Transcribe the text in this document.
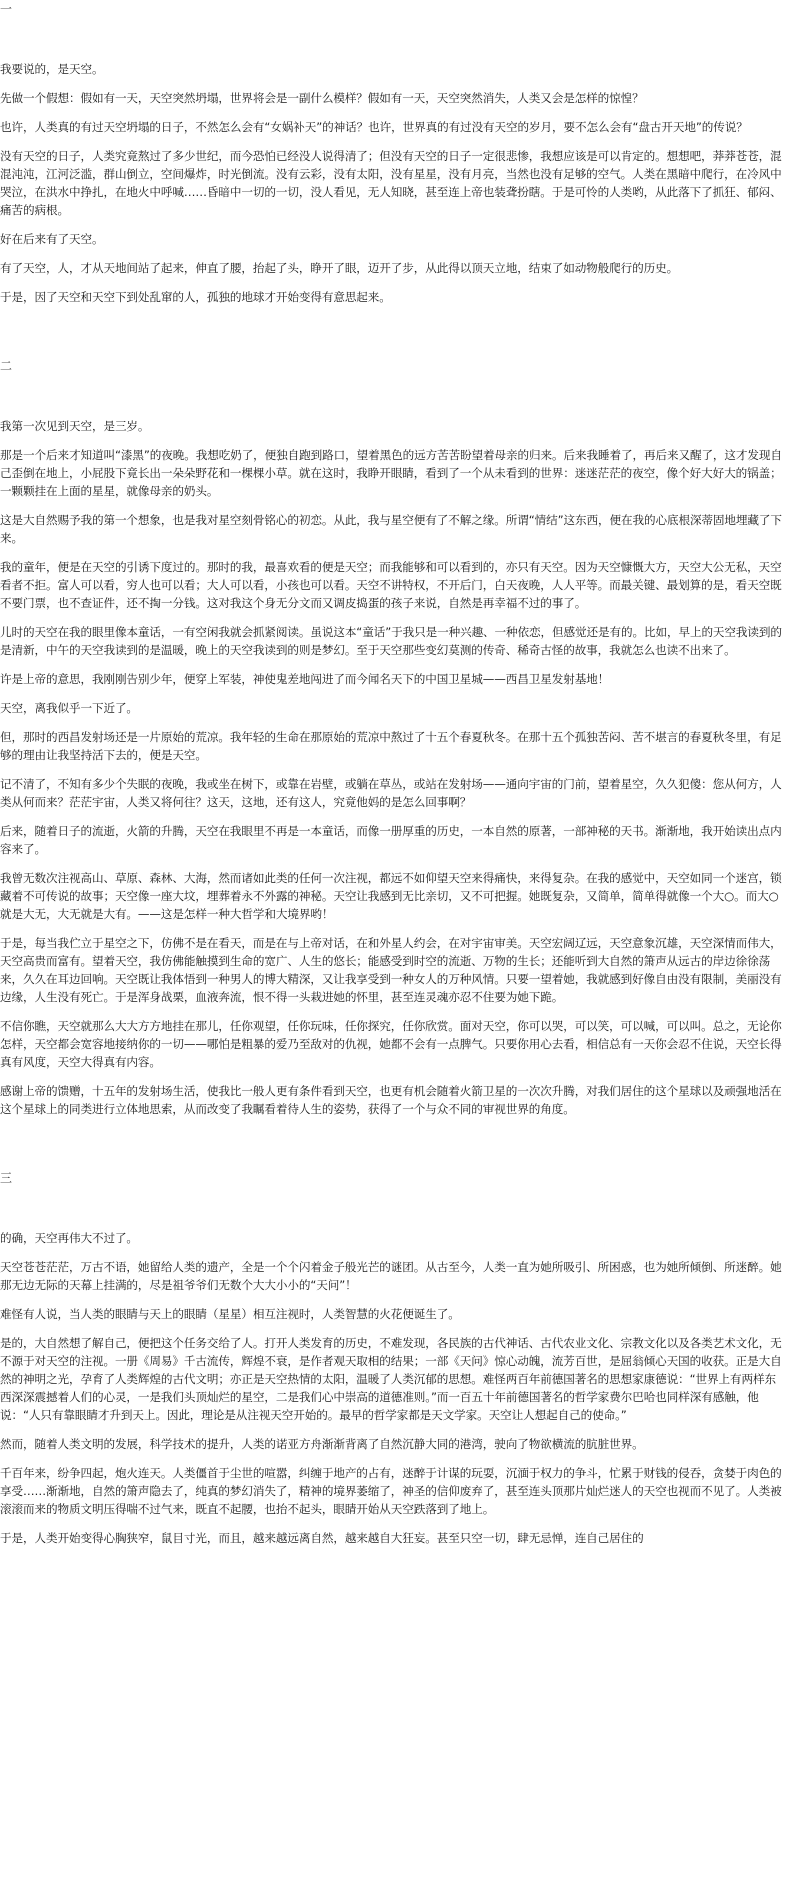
一

我要说的，是天空。

先做一个假想：假如有一天，天空突然坍塌，世界将会是一副什么模样？假如有一天，天空突然消失，人类又会是怎样的惊惶？

也许，人类真的有过天空坍塌的日子，不然怎么会有“女娲补天”的神话？也许，世界真的有过没有天空的岁月，要不怎么会有“盘古开天地”的传说？

没有天空的日子，人类究竟熬过了多少世纪，而今恐怕已经没人说得清了；但没有天空的日子一定很悲惨，我想应该是可以肯定的。想想吧，莽莽苍苍，混混沌沌，江河泛滥，群山倒立，空间爆炸，时光倒流。没有云彩，没有太阳，没有星星，没有月亮，当然也没有足够的空气。人类在黑暗中爬行，在冷风中哭泣，在洪水中挣扎，在地火中呼喊……昏暗中一切的一切，没人看见，无人知晓，甚至连上帝也装聋扮瞎。于是可怜的人类哟，从此落下了抓狂、郁闷、痛苦的病根。

好在后来有了天空。

有了天空，人，才从天地间站了起来，伸直了腰，抬起了头，睁开了眼，迈开了步，从此得以顶天立地，结束了如动物般爬行的历史。

于是，因了天空和天空下到处乱窜的人，孤独的地球才开始变得有意思起来。

二

我第一次见到天空，是三岁。

那是一个后来才知道叫“漆黑”的夜晚。我想吃奶了，便独自跑到路口，望着黑色的远方苦苦盼望着母亲的归来。后来我睡着了，再后来又醒了，这才发现自己歪倒在地上，小屁股下竟长出一朵朵野花和一棵棵小草。就在这时，我睁开眼睛，看到了一个从未看到的世界：迷迷茫茫的夜空，像个好大好大的锅盖；一颗颗挂在上面的星星，就像母亲的奶头。

这是大自然赐予我的第一个想象，也是我对星空刻骨铭心的初恋。从此，我与星空便有了不解之缘。所谓“情结”这东西，便在我的心底根深蒂固地埋藏了下来。

我的童年，便是在天空的引诱下度过的。那时的我，最喜欢看的便是天空；而我能够和可以看到的，亦只有天空。因为天空慷慨大方，天空大公无私，天空看者不拒。富人可以看，穷人也可以看；大人可以看，小孩也可以看。天空不讲特权，不开后门，白天夜晚，人人平等。而最关键、最划算的是，看天空既不要门票，也不查证件，还不掏一分钱。这对我这个身无分文而又调皮捣蛋的孩子来说，自然是再幸福不过的事了。

儿时的天空在我的眼里像本童话，一有空闲我就会抓紧阅读。虽说这本“童话”于我只是一种兴趣、一种依恋，但感觉还是有的。比如，早上的天空我读到的是清新，中午的天空我读到的是温暖，晚上的天空我读到的则是梦幻。至于天空那些变幻莫测的传奇、稀奇古怪的故事，我就怎么也读不出来了。

许是上帝的意思，我刚刚告别少年，便穿上军装，神使鬼差地闯进了而今闻名天下的中国卫星城——西昌卫星发射基地！

天空，离我似乎一下近了。

但，那时的西昌发射场还是一片原始的荒凉。我年轻的生命在那原始的荒凉中熬过了十五个春夏秋冬。在那十五个孤独苦闷、苦不堪言的春夏秋冬里，有足够的理由让我坚持活下去的，便是天空。

记不清了，不知有多少个失眠的夜晚，我或坐在树下，或靠在岩壁，或躺在草丛，或站在发射场——通向宇宙的门前，望着星空，久久犯傻：您从何方，人类从何而来？茫茫宇宙，人类又将何往？这天，这地，还有这人，究竟他妈的是怎么回事啊？

后来，随着日子的流逝，火箭的升腾，天空在我眼里不再是一本童话，而像一册厚重的历史，一本自然的原著，一部神秘的天书。渐渐地，我开始读出点内容来了。

我曾无数次注视高山、草原、森林、大海，然而诸如此类的任何一次注视，都远不如仰望天空来得痛快，来得复杂。在我的感觉中，天空如同一个迷宫，锁藏着不可传说的故事；天空像一座大坟，埋葬着永不外露的神秘。天空让我感到无比亲切，又不可把握。她既复杂，又简单，简单得就像一个大○。而大○就是大无，大无就是大有。——这是怎样一种大哲学和大境界哟！

于是，每当我伫立于星空之下，仿佛不是在看天，而是在与上帝对话，在和外星人约会，在对宇宙审美。天空宏阔辽远，天空意象沉雄，天空深情而伟大，天空高贵而富有。望着天空，我仿佛能触摸到生命的宽广、人生的悠长；能感受到时空的流逝、万物的生长；还能听到大自然的箫声从远古的岸边徐徐荡来，久久在耳边回响。天空既让我体悟到一种男人的博大精深，又让我享受到一种女人的万种风情。只要一望着她，我就感到好像自由没有限制，美丽没有边缘，人生没有死亡。于是浑身战栗，血液奔流，恨不得一头栽进她的怀里，甚至连灵魂亦忍不住要为她下跪。

不信你瞧，天空就那么大大方方地挂在那儿，任你观望，任你玩味，任你探究，任你欣赏。面对天空，你可以哭，可以笑，可以喊，可以叫。总之，无论你怎样，天空都会宽容地接纳你的一切——哪怕是粗暴的爱乃至敌对的仇视，她都不会有一点脾气。只要你用心去看，相信总有一天你会忍不住说，天空长得真有风度，天空大得真有内容。

感谢上帝的馈赠，十五年的发射场生活，使我比一般人更有条件看到天空，也更有机会随着火箭卫星的一次次升腾，对我们居住的这个星球以及顽强地活在这个星球上的同类进行立体地思索，从而改变了我瞩看着待人生的姿势，获得了一个与众不同的审视世界的角度。

三

的确，天空再伟大不过了。

天空苍苍茫茫，万古不语，她留给人类的遗产，全是一个个闪着金子般光芒的谜团。从古至今，人类一直为她所吸引、所困惑，也为她所倾倒、所迷醉。她那无边无际的天幕上挂满的，尽是祖爷爷们无数个大大小小的“天问”！

难怪有人说，当人类的眼睛与天上的眼睛（星星）相互注视时，人类智慧的火花便诞生了。

是的，大自然想了解自己，便把这个任务交给了人。打开人类发育的历史，不难发现，各民族的古代神话、古代农业文化、宗教文化以及各类艺术文化，无不源于对天空的注视。一册《周易》千古流传，辉煌不衰，是作者观天取相的结果；一部《天问》惊心动魄，流芳百世，是屈翁倾心天国的收获。正是大自然的神明之光，孕育了人类辉煌的古代文明；亦正是天空热情的太阳，温暖了人类沉郁的思想。难怪两百年前德国著名的思想家康德说：“世界上有两样东西深深震撼着人们的心灵，一是我们头顶灿烂的星空，二是我们心中崇高的道德准则。”而一百五十年前德国著名的哲学家费尔巴哈也同样深有感触，他说：“人只有靠眼睛才升到天上。因此，理论是从注视天空开始的。最早的哲学家都是天文学家。天空让人想起自己的使命。”

然而，随着人类文明的发展，科学技术的提升，人类的诺亚方舟渐渐背离了自然沉静大同的港湾，驶向了物欲横流的肮脏世界。

千百年来，纷争四起，炮火连天。人类僵首于尘世的喧嚣，纠缠于地产的占有，迷醉于计谋的玩耍，沉湎于权力的争斗，忙累于财钱的侵吞，贪婪于肉色的享受……渐渐地，自然的箫声隐去了，纯真的梦幻消失了，精神的境界萎缩了，神圣的信仰废弃了，甚至连头顶那片灿烂迷人的天空也视而不见了。人类被滚滚而来的物质文明压得喘不过气来，既直不起腰，也抬不起头，眼睛开始从天空跌落到了地上。

于是，人类开始变得心胸狭窄，鼠目寸光，而且，越来越远离自然，越来越自大狂妄。甚至只空一切，肆无忌惮，连自己居住的
